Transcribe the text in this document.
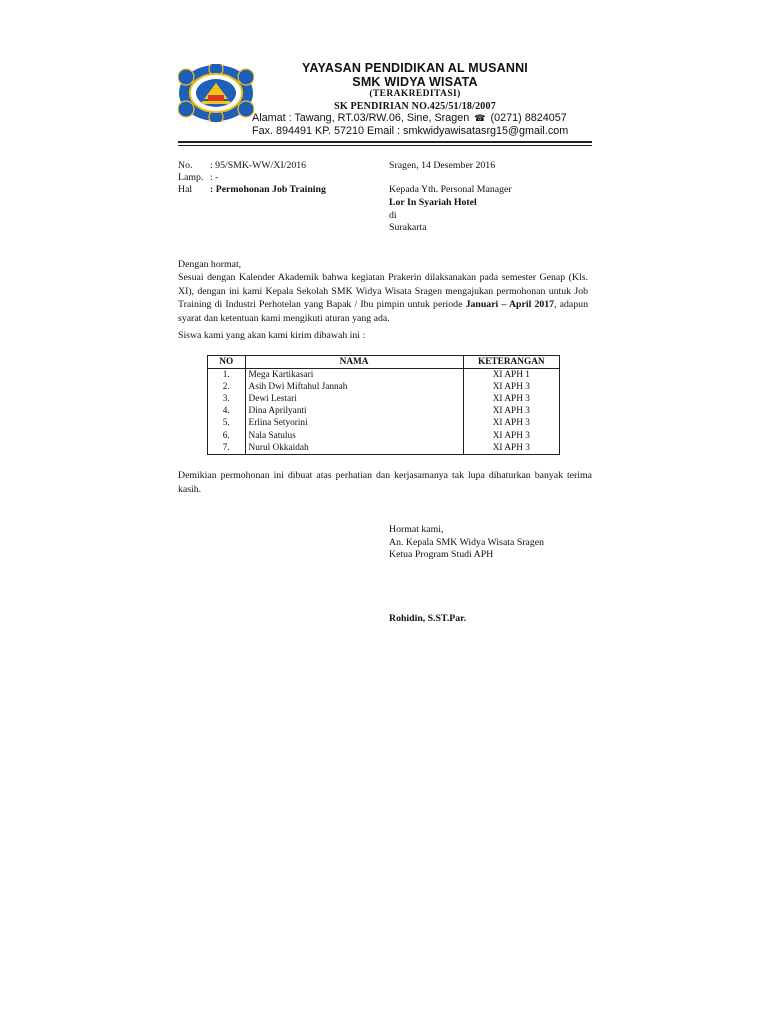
YAYASAN PENDIDIKAN AL MUSANNI
SMK WIDYA WISATA
(TERAKREDITASI)
SK PENDIRIAN NO.425/51/18/2007
Alamat : Tawang, RT.03/RW.06, Sine, Sragen ☎ (0271) 8824057
Fax. 894491 KP. 57210 Email : smkwidyawisatasrg15@gmail.com
No. : 95/SMK-WW/XI/2016
Lamp. : -
Hal : Permohonan Job Training
Sragen, 14 Desember 2016
Kepada Yth. Personal Manager
Lor In Syariah Hotel
di
Surakarta
Dengan hormat,
Sesuai dengan Kalender Akademik bahwa kegiatan Prakerin dilaksanakan pada semester Genap (Kls. XI), dengan ini kami Kepala Sekolah SMK Widya Wisata Sragen mengajukan permohonan untuk Job Training di Industri Perhotelan yang Bapak / Ibu pimpin untuk periode Januari – April 2017, adapun syarat dan ketentuan kami mengikuti aturan yang ada.
Siswa kami yang akan kami kirim dibawah ini :
NO	NAMA	KETERANGAN
1.	Mega Kartikasari	XI APH 1
2.	Asih Dwi Miftahul Jannah	XI APH 3
3.	Dewi Lestari	XI APH 3
4.	Dina Aprilyanti	XI APH 3
5.	Erlina Setyorini	XI APH 3
6.	Nala Satulus	XI APH 3
7.	Nurul Okkaidah	XI APH 3
Demikian permohonan ini dibuat atas perhatian dan kerjasamanya tak lupa dihaturkan banyak terima kasih.
Hormat kami,
An. Kepala SMK Widya Wisata Sragen
Ketua Program Studi APH
Rohidin, S.ST.Par.
